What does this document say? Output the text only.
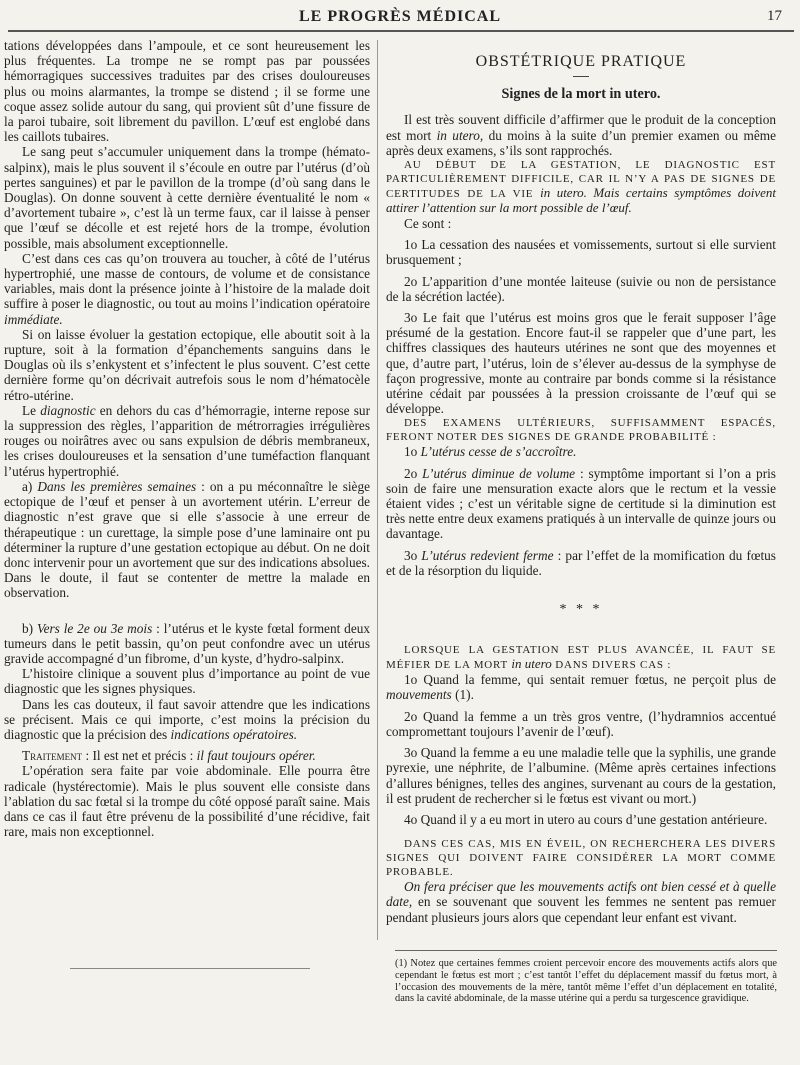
LE PROGRÈS MÉDICAL	17

tations développées dans l’ampoule, et ce sont heureusement les plus fréquentes. La trompe ne se rompt pas par poussées hémorragiques successives traduites par des crises douloureuses plus ou moins alarmantes, la trompe se distend ; il se forme une coque assez solide autour du sang, qui provient sût d’une fissure de la paroi tubaire, soit librement du pavillon. L’œuf est englobé dans les caillots tubaires.

Le sang peut s’accumuler uniquement dans la trompe (hémato-salpinx), mais le plus souvent il s’écoule en outre par l’utérus (d’où pertes sanguines) et par le pavillon de la trompe (d’où sang dans le Douglas). On donne souvent à cette dernière éventualité le nom « d’avortement tubaire », c’est là un terme faux, car il laisse à penser que l’œuf se décolle et est rejeté hors de la trompe, évolution possible, mais absolument exceptionnelle.

C’est dans ces cas qu’on trouvera au toucher, à côté de l’utérus hypertrophié, une masse de contours, de volume et de consistance variables, mais dont la présence jointe à l’histoire de la malade doit suffire à poser le diagnostic, ou tout au moins l’indication opératoire immédiate.

Si on laisse évoluer la gestation ectopique, elle aboutit soit à la rupture, soit à la formation d’épanchements sanguins dans le Douglas où ils s’enkystent et s’infectent le plus souvent. C’est cette dernière forme qu’on décrivait autrefois sous le nom d’hématocèle rétro-utérine.

Le diagnostic en dehors du cas d’hémorragie, interne repose sur la suppression des règles, l’apparition de métrorragies irrégulières rouges ou noirâtres avec ou sans expulsion de débris membraneux, les crises douloureuses et la sensation d’une tuméfaction flanquant l’utérus hypertrophié.

a) Dans les premières semaines : on a pu méconnaître le siège ectopique de l’œuf et penser à un avortement utérin. L’erreur de diagnostic n’est grave que si elle s’associe à une erreur de thérapeutique : un curettage, la simple pose d’une laminaire ont pu déterminer la rupture d’une gestation ectopique au début. On ne doit donc intervenir pour un avortement que sur des indications absolues. Dans le doute, il faut se contenter de mettre la malade en observation.

b) Vers le 2e ou 3e mois : l’utérus et le kyste fœtal forment deux tumeurs dans le petit bassin, qu’on peut confondre avec un utérus gravide accompagné d’un fibrome, d’un kyste, d’hydro-salpinx.

L’histoire clinique a souvent plus d’importance au point de vue diagnostic que les signes physiques.

Dans les cas douteux, il faut savoir attendre que les indications se précisent. Mais ce qui importe, c’est moins la précision du diagnostic que la précision des indications opératoires.

Traitement : Il est net et précis : il faut toujours opérer.

L’opération sera faite par voie abdominale. Elle pourra être radicale (hystérectomie). Mais le plus souvent elle consiste dans l’ablation du sac fœtal si la trompe du côté opposé paraît saine. Mais dans ce cas il faut être prévenu de la possibilité d’une récidive, fait rare, mais non exceptionnel.

OBSTÉTRIQUE PRATIQUE
Signes de la mort in utero.

Il est très souvent difficile d’affirmer que le produit de la conception est mort in utero, du moins à la suite d’un premier examen ou même après deux examens, s’ils sont rapprochés.

AU DÉBUT DE LA GESTATION, LE DIAGNOSTIC EST PARTICULIÈREMENT DIFFICILE, CAR IL N’Y A PAS DE SIGNES DE CERTITUDES DE LA VIE in utero. Mais certains symptômes doivent attirer l’attention sur la mort possible de l’œuf.

Ce sont :

1o La cessation des nausées et vomissements, surtout si elle survient brusquement ;

2o L’apparition d’une montée laiteuse (suivie ou non de persistance de la sécrétion lactée).

3o Le fait que l’utérus est moins gros que le ferait supposer l’âge présumé de la gestation. Encore faut-il se rappeler que d’une part, les chiffres classiques des hauteurs utérines ne sont que des moyennes et que, d’autre part, l’utérus, loin de s’élever au-dessus de la symphyse de façon progressive, monte au contraire par bonds comme si la résistance utérine cédait par poussées à la pression croissante de l’œuf qui se développe.

DES EXAMENS ULTÉRIEURS, SUFFISAMMENT ESPACÉS, FERONT NOTER DES SIGNES DE GRANDE PROBABILITÉ :

1o L’utérus cesse de s’accroître.

2o L’utérus diminue de volume : symptôme important si l’on a pris soin de faire une mensuration exacte alors que le rectum et la vessie étaient vides ; c’est un véritable signe de certitude si la diminution est très nette entre deux examens pratiqués à un intervalle de quinze jours ou davantage.

3o L’utérus redevient ferme : par l’effet de la momification du fœtus et de la résorption du liquide.

* * *

LORSQUE LA GESTATION EST PLUS AVANCÉE, IL FAUT SE MÉFIER DE LA MORT in utero DANS DIVERS CAS :

1o Quand la femme, qui sentait remuer fœtus, ne perçoit plus de mouvements (1).

2o Quand la femme a un très gros ventre, (l’hydramnios accentué compromettant toujours l’avenir de l’œuf).

3o Quand la femme a eu une maladie telle que la syphilis, une grande pyrexie, une néphrite, de l’albumine. (Même après certaines infections d’allures bénignes, telles des angines, survenant au cours de la gestation, il est prudent de rechercher si le fœtus est vivant ou mort.)

4o Quand il y a eu mort in utero au cours d’une gestation antérieure.

DANS CES CAS, MIS EN ÉVEIL, ON RECHERCHERA LES DIVERS SIGNES QUI DOIVENT FAIRE CONSIDÉRER LA MORT COMME PROBABLE.

On fera préciser que les mouvements actifs ont bien cessé et à quelle date, en se souvenant que souvent les femmes ne sentent pas remuer pendant plusieurs jours alors que cependant leur enfant est vivant.

(1) Notez que certaines femmes croient percevoir encore des mouvements actifs alors que cependant le fœtus est mort ; c’est tantôt l’effet du déplacement massif du fœtus mort, à l’occasion des mouvements de la mère, tantôt même l’effet d’un déplacement en totalité, dans la cavité abdominale, de la masse utérine qui a perdu sa turgescence gravidique.
